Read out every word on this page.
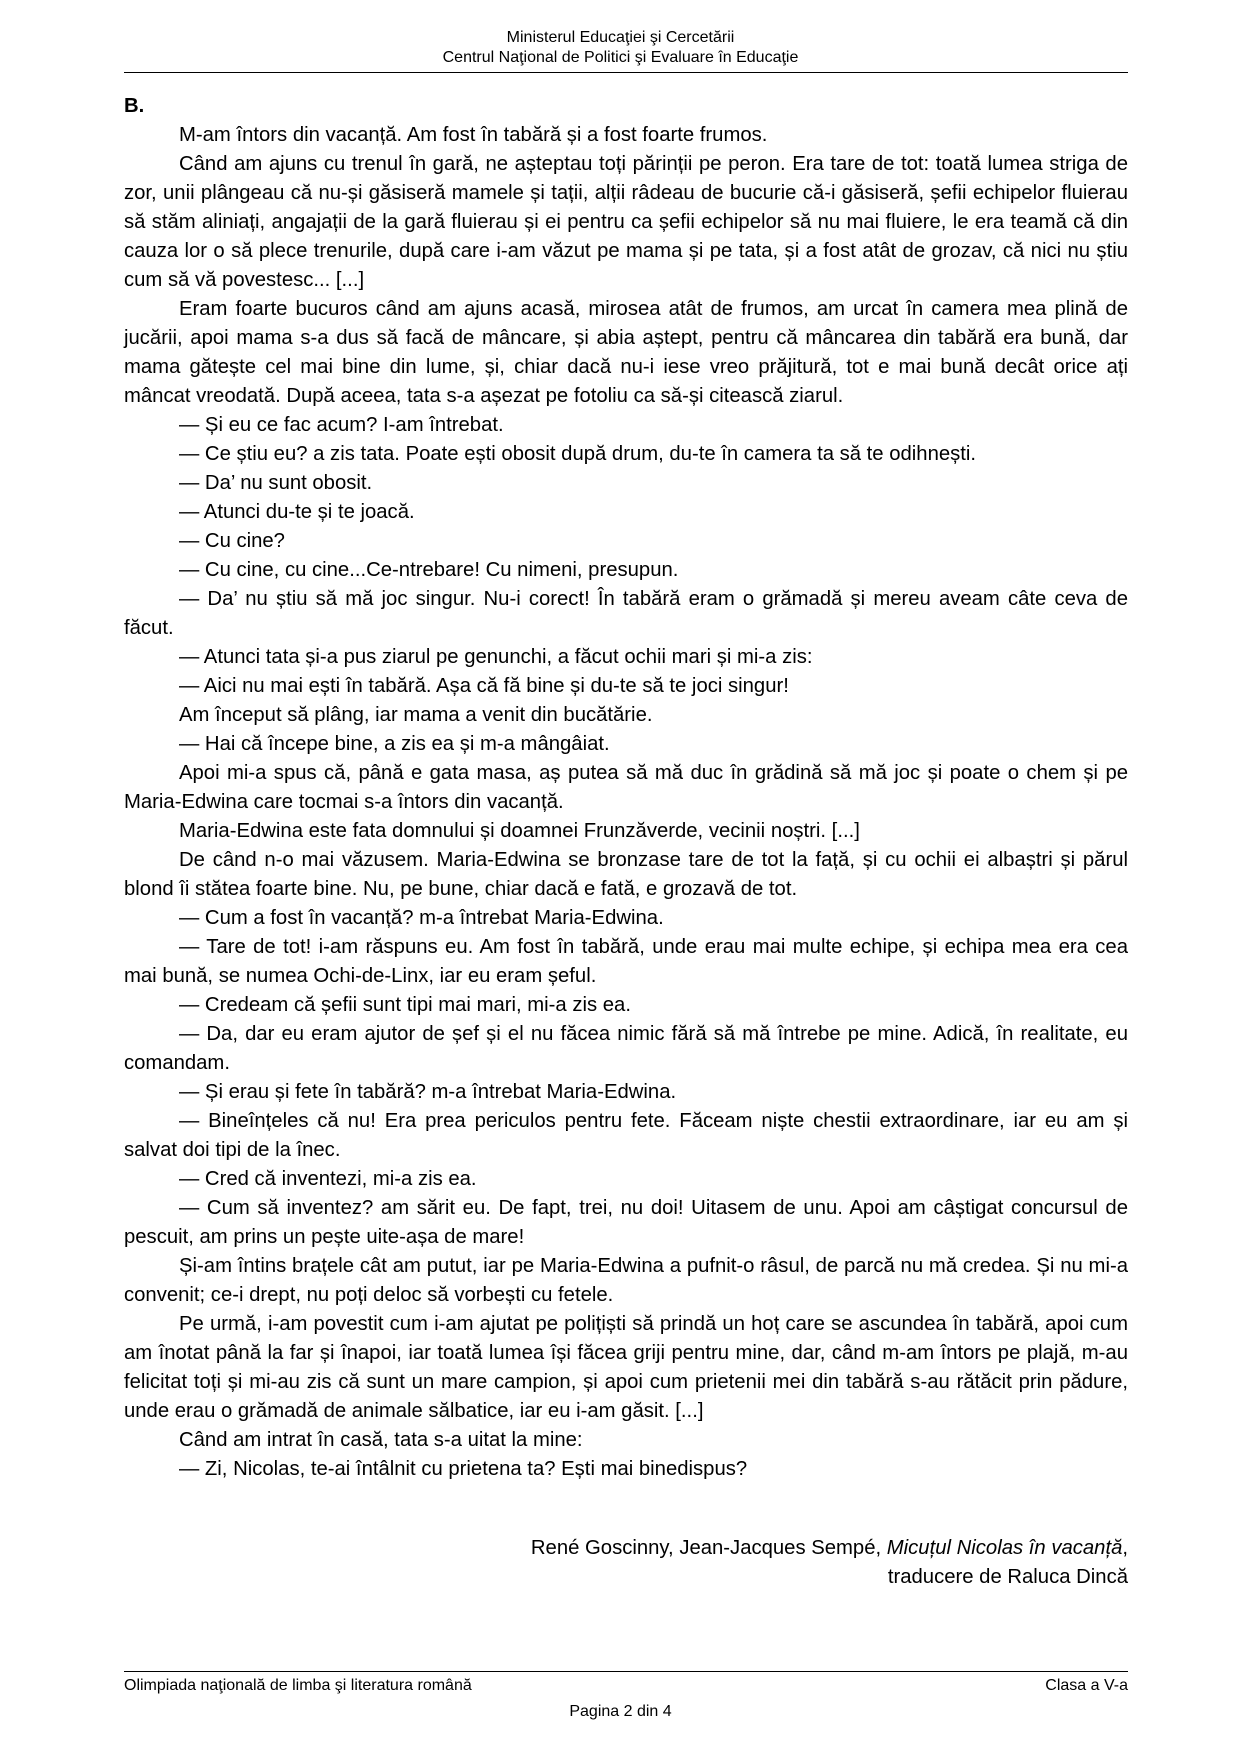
Ministerul Educaţiei şi Cercetării
Centrul Naţional de Politici şi Evaluare în Educaţie

B.

M-am întors din vacanță. Am fost în tabără și a fost foarte frumos.

Când am ajuns cu trenul în gară, ne așteptau toți părinții pe peron. Era tare de tot: toată lumea striga de zor, unii plângeau că nu-și găsiseră mamele și tații, alții râdeau de bucurie că-i găsiseră, șefii echipelor fluierau să stăm aliniați, angajații de la gară fluierau și ei pentru ca șefii echipelor să nu mai fluiere, le era teamă că din cauza lor o să plece trenurile, după care i-am văzut pe mama și pe tata, și a fost atât de grozav, că nici nu știu cum să vă povestesc... [...]

Eram foarte bucuros când am ajuns acasă, mirosea atât de frumos, am urcat în camera mea plină de jucării, apoi mama s-a dus să facă de mâncare, și abia aștept, pentru că mâncarea din tabără era bună, dar mama gătește cel mai bine din lume, și, chiar dacă nu-i iese vreo prăjitură, tot e mai bună decât orice ați mâncat vreodată. După aceea, tata s-a așezat pe fotoliu ca să-și citească ziarul.

— Și eu ce fac acum? I-am întrebat.

— Ce știu eu? a zis tata. Poate ești obosit după drum, du-te în camera ta să te odihnești.

— Da’ nu sunt obosit.

— Atunci du-te și te joacă.

— Cu cine?

— Cu cine, cu cine...Ce-ntrebare! Cu nimeni, presupun.

— Da’ nu știu să mă joc singur. Nu-i corect! În tabără eram o grămadă și mereu aveam câte ceva de făcut.

— Atunci tata și-a pus ziarul pe genunchi, a făcut ochii mari și mi-a zis:

— Aici nu mai ești în tabără. Așa că fă bine și du-te să te joci singur!

Am început să plâng, iar mama a venit din bucătărie.

— Hai că începe bine, a zis ea și m-a mângâiat.

Apoi mi-a spus că, până e gata masa, aș putea să mă duc în grădină să mă joc și poate o chem și pe Maria-Edwina care tocmai s-a întors din vacanță.

Maria-Edwina este fata domnului și doamnei Frunzăverde, vecinii noștri. [...]

De când n-o mai văzusem. Maria-Edwina se bronzase tare de tot la față, și cu ochii ei albaștri și părul blond îi stătea foarte bine. Nu, pe bune, chiar dacă e fată, e grozavă de tot.

— Cum a fost în vacanță? m-a întrebat Maria-Edwina.

— Tare de tot! i-am răspuns eu. Am fost în tabără, unde erau mai multe echipe, și echipa mea era cea mai bună, se numea Ochi-de-Linx, iar eu eram șeful.

— Credeam că șefii sunt tipi mai mari, mi-a zis ea.

— Da, dar eu eram ajutor de șef și el nu făcea nimic fără să mă întrebe pe mine. Adică, în realitate, eu comandam.

— Și erau și fete în tabără? m-a întrebat Maria-Edwina.

— Bineînțeles că nu! Era prea periculos pentru fete. Făceam niște chestii extraordinare, iar eu am și salvat doi tipi de la înec.

— Cred că inventezi, mi-a zis ea.

— Cum să inventez? am sărit eu. De fapt, trei, nu doi! Uitasem de unu. Apoi am câștigat concursul de pescuit, am prins un pește uite-așa de mare!

Și-am întins brațele cât am putut, iar pe Maria-Edwina a pufnit-o râsul, de parcă nu mă credea. Și nu mi-a convenit; ce-i drept, nu poți deloc să vorbești cu fetele.

Pe urmă, i-am povestit cum i-am ajutat pe polițiști să prindă un hoț care se ascundea în tabără, apoi cum am înotat până la far și înapoi, iar toată lumea își făcea griji pentru mine, dar, când m-am întors pe plajă, m-au felicitat toți și mi-au zis că sunt un mare campion, și apoi cum prietenii mei din tabără s-au rătăcit prin pădure, unde erau o grămadă de animale sălbatice, iar eu i-am găsit. [...]

Când am intrat în casă, tata s-a uitat la mine:

— Zi, Nicolas, te-ai întâlnit cu prietena ta? Ești mai binedispus?

René Goscinny, Jean-Jacques Sempé, Micuțul Nicolas în vacanță,
traducere de Raluca Dincă
Olimpiada naţională de limba şi literatura română	Clasa a V-a
Pagina 2 din 4
